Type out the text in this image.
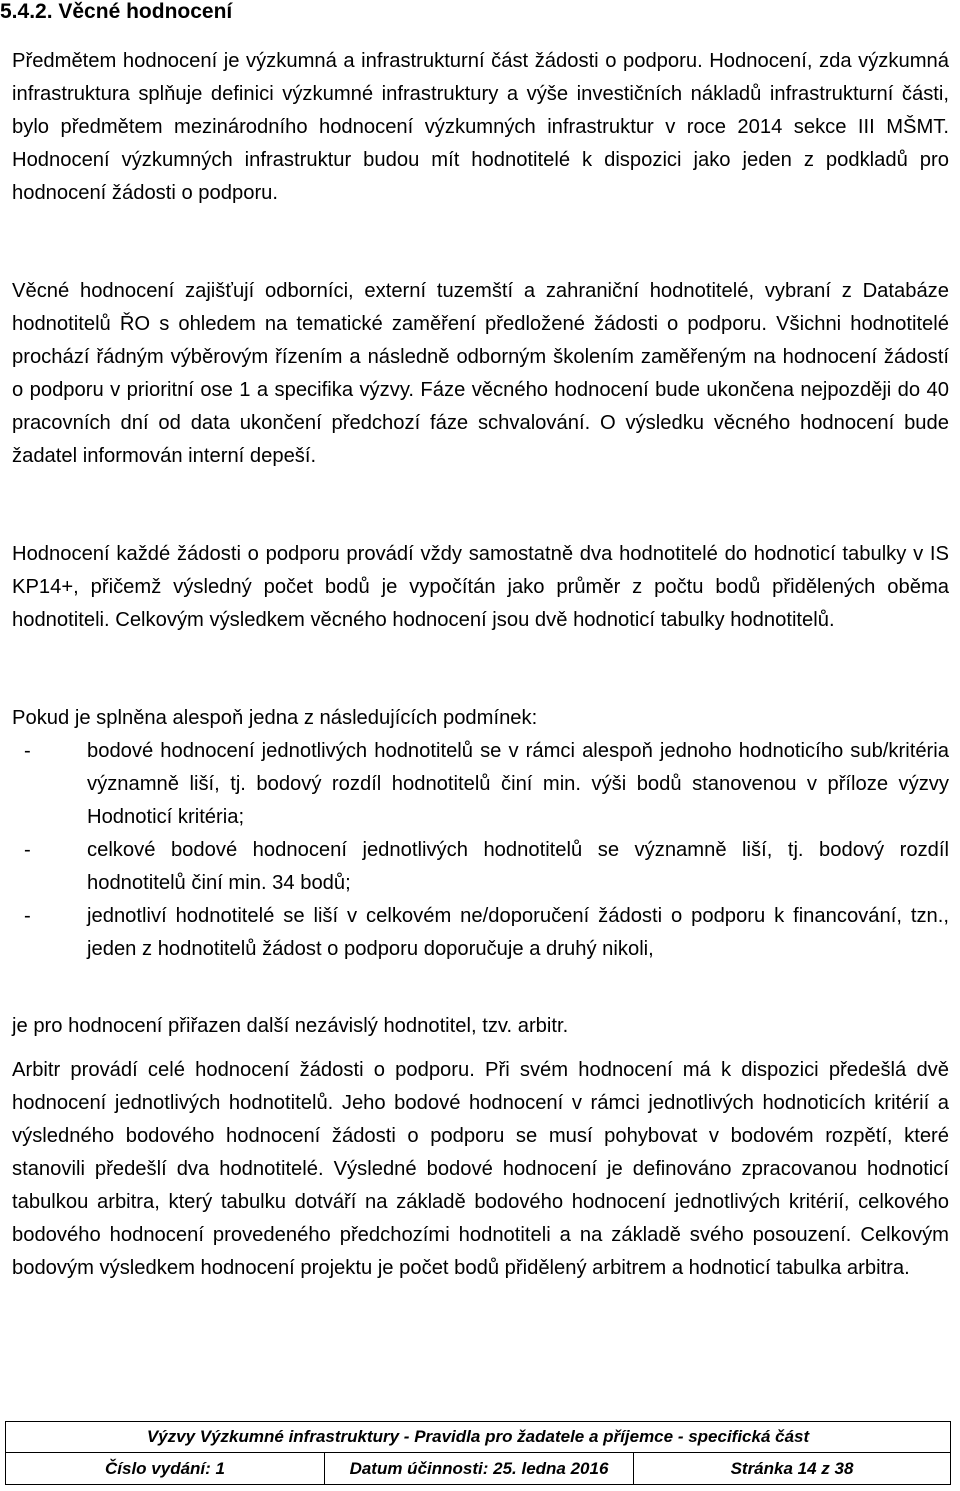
5.4.2. Věcné hodnocení

Předmětem hodnocení je výzkumná a infrastrukturní část žádosti o podporu. Hodnocení, zda výzkumná infrastruktura splňuje definici výzkumné infrastruktury a výše investičních nákladů infrastrukturní části, bylo předmětem mezinárodního hodnocení výzkumných infrastruktur v roce 2014 sekce III MŠMT. Hodnocení výzkumných infrastruktur budou mít hodnotitelé k dispozici jako jeden z podkladů pro hodnocení žádosti o podporu.

Věcné hodnocení zajišťují odborníci, externí tuzemští a zahraniční hodnotitelé, vybraní z Databáze hodnotitelů ŘO s ohledem na tematické zaměření předložené žádosti o podporu. Všichni hodnotitelé prochází řádným výběrovým řízením a následně odborným školením zaměřeným na hodnocení žádostí o podporu v prioritní ose 1 a specifika výzvy. Fáze věcného hodnocení bude ukončena nejpozději do 40 pracovních dní od data ukončení předchozí fáze schvalování. O výsledku věcného hodnocení bude žadatel informován interní depeší.

Hodnocení každé žádosti o podporu provádí vždy samostatně dva hodnotitelé do hodnoticí tabulky v IS KP14+, přičemž výsledný počet bodů je vypočítán jako průměr z počtu bodů přidělených oběma hodnotiteli. Celkovým výsledkem věcného hodnocení jsou dvě hodnoticí tabulky hodnotitelů.

Pokud je splněna alespoň jedna z následujících podmínek:

-	bodové hodnocení jednotlivých hodnotitelů se v rámci alespoň jednoho hodnoticího sub/kritéria významně liší, tj. bodový rozdíl hodnotitelů činí min. výši bodů stanovenou v příloze výzvy Hodnoticí kritéria;
-	celkové bodové hodnocení jednotlivých hodnotitelů se významně liší, tj. bodový rozdíl hodnotitelů činí min. 34 bodů;
-	jednotliví hodnotitelé se liší v celkovém ne/doporučení žádosti o podporu k financování, tzn., jeden z hodnotitelů žádost o podporu doporučuje a druhý nikoli,

je pro hodnocení přiřazen další nezávislý hodnotitel, tzv. arbitr.

Arbitr provádí celé hodnocení žádosti o podporu. Při svém hodnocení má k dispozici předešlá dvě hodnocení jednotlivých hodnotitelů. Jeho bodové hodnocení v rámci jednotlivých hodnoticích kritérií a výsledného bodového hodnocení žádosti o podporu se musí pohybovat v bodovém rozpětí, které stanovili předešlí dva hodnotitelé. Výsledné bodové hodnocení je definováno zpracovanou hodnoticí tabulkou arbitra, který tabulku dotváří na základě bodového hodnocení jednotlivých kritérií, celkového bodového hodnocení provedeného předchozími hodnotiteli a na základě svého posouzení. Celkovým bodovým výsledkem hodnocení projektu je počet bodů přidělený arbitrem a hodnoticí tabulka arbitra.

Výzvy Výzkumné infrastruktury - Pravidla pro žadatele a příjemce - specifická část
Číslo vydání: 1	Datum účinnosti: 25. ledna 2016	Stránka 14 z 38
